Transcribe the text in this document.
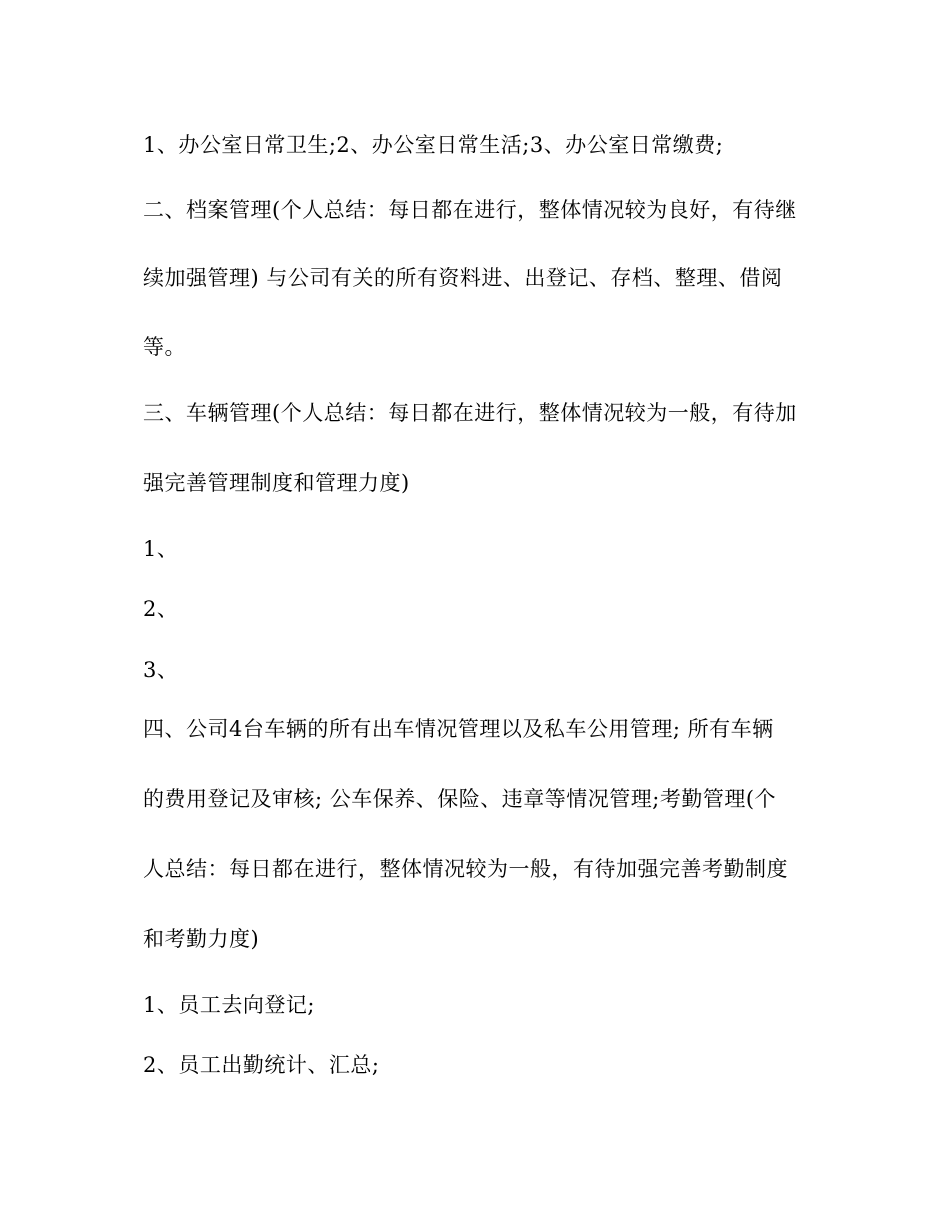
1、办公室日常卫生;2、办公室日常生活;3、办公室日常缴费;
二、档案管理(个人总结：每日都在进行，整体情况较为良好，有待继
续加强管理) 与公司有关的所有资料进、出登记、存档、整理、借阅
等。
三、车辆管理(个人总结：每日都在进行，整体情况较为一般，有待加
强完善管理制度和管理力度)
1、
2、
3、
四、公司4台车辆的所有出车情况管理以及私车公用管理; 所有车辆
的费用登记及审核; 公车保养、保险、违章等情况管理;考勤管理(个
人总结：每日都在进行，整体情况较为一般，有待加强完善考勤制度
和考勤力度)
1、员工去向登记;
2、员工出勤统计、汇总;
